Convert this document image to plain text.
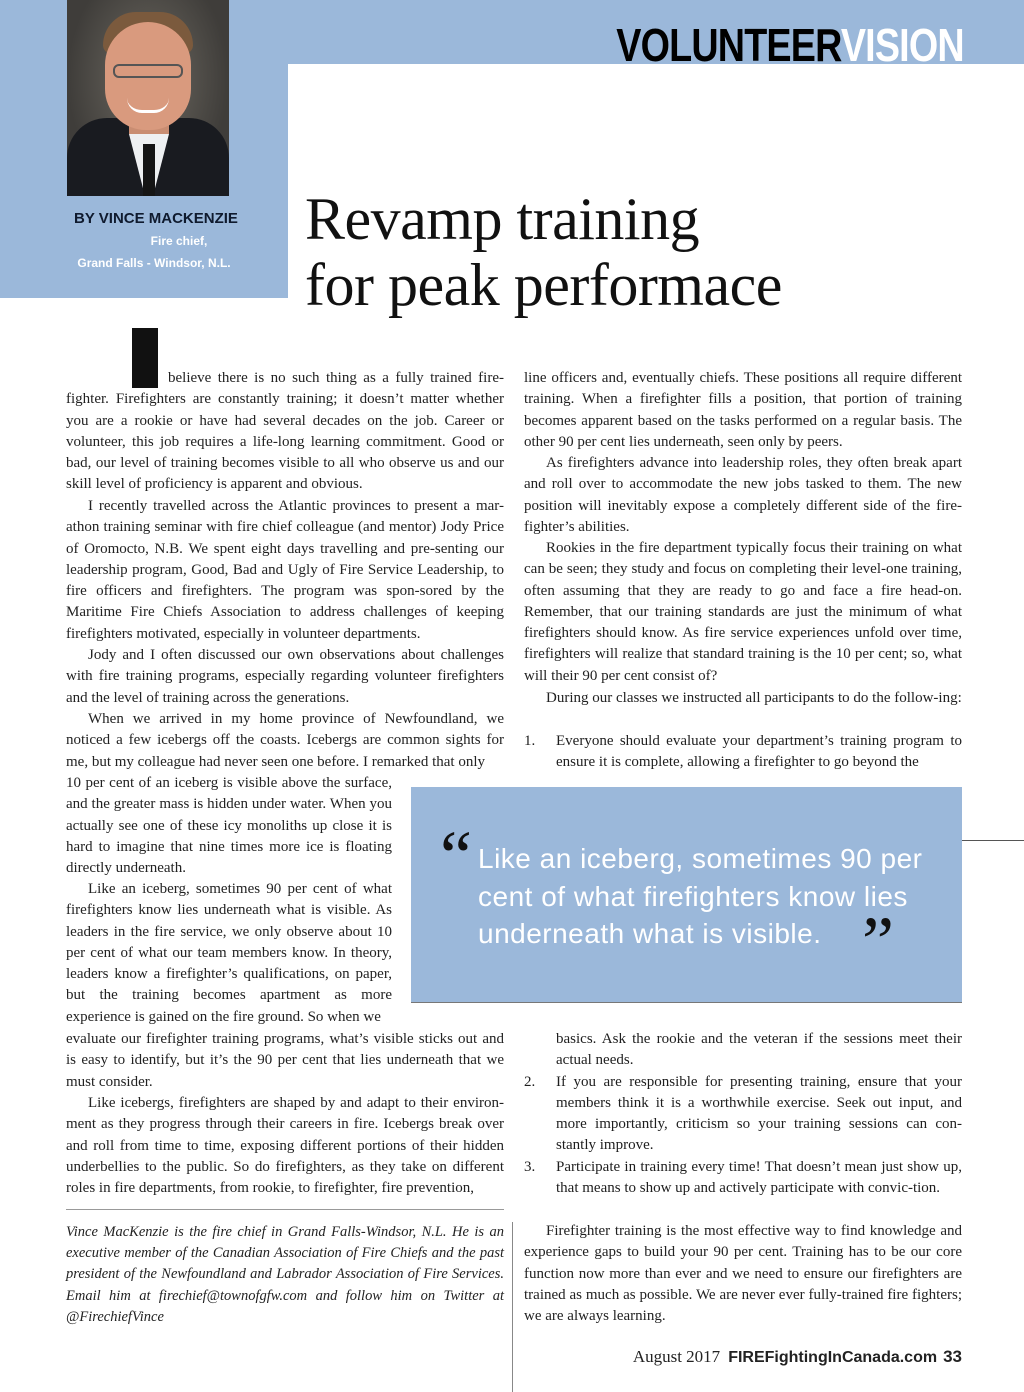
VOLUNTEERVISION
BY VINCE MACKENZIE
Fire chief,
Grand Falls - Windsor, N.L.
Revamp training
for peak performace

believe there is no such thing as a fully trained fire-fighter. Firefighters are constantly training; it doesn’t matter whether you are a rookie or have had several decades on the job. Career or volunteer, this job requires a life-long learning commitment. Good or bad, our level of training becomes visible to all who observe us and our skill level of proficiency is apparent and obvious.

I recently travelled across the Atlantic provinces to present a mar-athon training seminar with fire chief colleague (and mentor) Jody Price of Oromocto, N.B. We spent eight days travelling and pre-senting our leadership program, Good, Bad and Ugly of Fire Service Leadership, to fire officers and firefighters. The program was spon-sored by the Maritime Fire Chiefs Association to address challenges of keeping firefighters motivated, especially in volunteer departments.

Jody and I often discussed our own observations about challenges with fire training programs, especially regarding volunteer firefighters and the level of training across the generations.

When we arrived in my home province of Newfoundland, we noticed a few icebergs off the coasts. Icebergs are common sights for me, but my colleague had never seen one before. I remarked that only

10 per cent of an iceberg is visible above the surface, and the greater mass is hidden under water. When you actually see one of these icy monoliths up close it is hard to imagine that nine times more ice is floating directly underneath.

Like an iceberg, sometimes 90 per cent of what firefighters know lies underneath what is visible. As leaders in the fire service, we only observe about 10 per cent of what our team members know. In theory, leaders know a firefighter’s qualifications, on paper, but the training becomes apartment as more experience is gained on the fire ground. So when we

evaluate our firefighter training programs, what’s visible sticks out and is easy to identify, but it’s the 90 per cent that lies underneath that we must consider.

Like icebergs, firefighters are shaped by and adapt to their environ-ment as they progress through their careers in fire. Icebergs break over and roll from time to time, exposing different portions of their hidden underbellies to the public. So do firefighters, as they take on different roles in fire departments, from rookie, to firefighter, fire prevention,

Vince MacKenzie is the fire chief in Grand Falls-Windsor, N.L. He is an executive member of the Canadian Association of Fire Chiefs and the past president of the Newfoundland and Labrador Association of Fire Services. Email him at firechief@townofgfw.com and follow him on Twitter at @FirechiefVince

line officers and, eventually chiefs. These positions all require different training. When a firefighter fills a position, that portion of training becomes apparent based on the tasks performed on a regular basis. The other 90 per cent lies underneath, seen only by peers.

As firefighters advance into leadership roles, they often break apart and roll over to accommodate the new jobs tasked to them. The new position will inevitably expose a completely different side of the fire-fighter’s abilities.

Rookies in the fire department typically focus their training on what can be seen; they study and focus on completing their level-one training, often assuming that they are ready to go and face a fire head-on. Remember, that our training standards are just the minimum of what firefighters should know. As fire service experiences unfold over time, firefighters will realize that standard training is the 10 per cent; so, what will their 90 per cent consist of?

During our classes we instructed all participants to do the follow-ing:

1. Everyone should evaluate your department’s training program to ensure it is complete, allowing a firefighter to go beyond the
“ Like an iceberg, sometimes 90 per cent of what firefighters know lies underneath what is visible. ”
basics. Ask the rookie and the veteran if the sessions meet their actual needs.
2. If you are responsible for presenting training, ensure that your members think it is a worthwhile exercise. Seek out input, and more importantly, criticism so your training sessions can con-stantly improve.
3. Participate in training every time! That doesn’t mean just show up, that means to show up and actively participate with convic-tion.

Firefighter training is the most effective way to find knowledge and experience gaps to build your 90 per cent. Training has to be our core function now more than ever and we need to ensure our firefighters are trained as much as possible. We are never ever fully-trained fire fighters; we are always learning.

August 2017 FIREFightingInCanada.com 33
